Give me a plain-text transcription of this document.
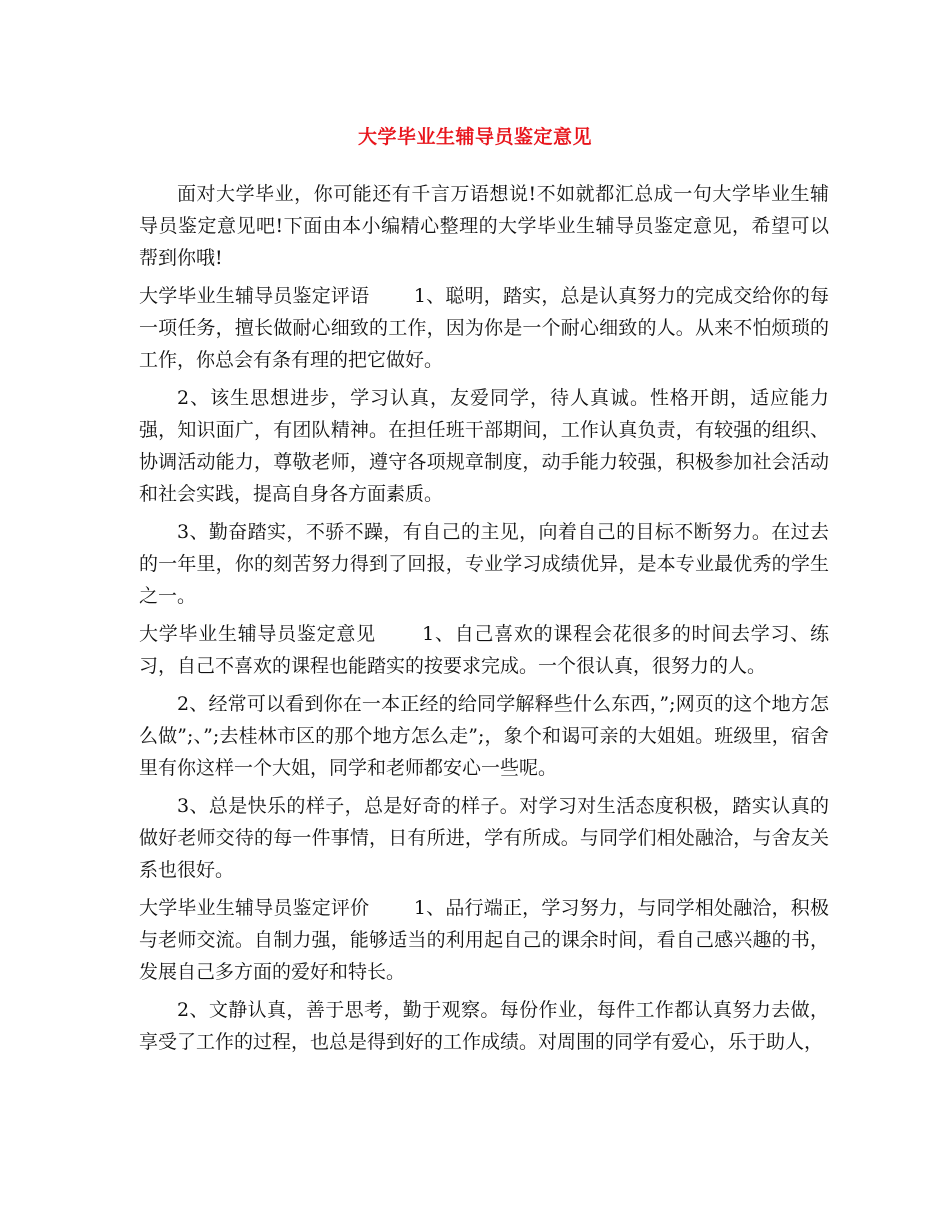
大学毕业生辅导员鉴定意见

面对大学毕业，你可能还有千言万语想说!不如就都汇总成一句大学毕业生辅导员鉴定意见吧!下面由本小编精心整理的大学毕业生辅导员鉴定意见，希望可以帮到你哦!

大学毕业生辅导员鉴定评语　　 1、聪明，踏实，总是认真努力的完成交给你的每一项任务，擅长做耐心细致的工作，因为你是一个耐心细致的人。从来不怕烦琐的工作，你总会有条有理的把它做好。

2、该生思想进步，学习认真，友爱同学，待人真诚。性格开朗，适应能力强，知识面广，有团队精神。在担任班干部期间，工作认真负责，有较强的组织、协调活动能力，尊敬老师，遵守各项规章制度，动手能力较强，积极参加社会活动和社会实践，提高自身各方面素质。

3、勤奋踏实，不骄不躁，有自己的主见，向着自己的目标不断努力。在过去的一年里，你的刻苦努力得到了回报，专业学习成绩优异，是本专业最优秀的学生之一。

大学毕业生辅导员鉴定意见　　 1、自己喜欢的课程会花很多的时间去学习、练习，自己不喜欢的课程也能踏实的按要求完成。一个很认真，很努力的人。

2、经常可以看到你在一本正经的给同学解释些什么东西，”;网页的这个地方怎么做”;、”;去桂林市区的那个地方怎么走”;，象个和谒可亲的大姐姐。班级里，宿舍里有你这样一个大姐，同学和老师都安心一些呢。

3、总是快乐的样子，总是好奇的样子。对学习对生活态度积极，踏实认真的做好老师交待的每一件事情，日有所进，学有所成。与同学们相处融洽，与舍友关系也很好。

大学毕业生辅导员鉴定评价　　 1、品行端正，学习努力，与同学相处融洽，积极与老师交流。自制力强，能够适当的利用起自己的课余时间，看自己感兴趣的书，发展自己多方面的爱好和特长。

2、文静认真，善于思考，勤于观察。每份作业，每件工作都认真努力去做，享受了工作的过程，也总是得到好的工作成绩。对周围的同学有爱心，乐于助人，
